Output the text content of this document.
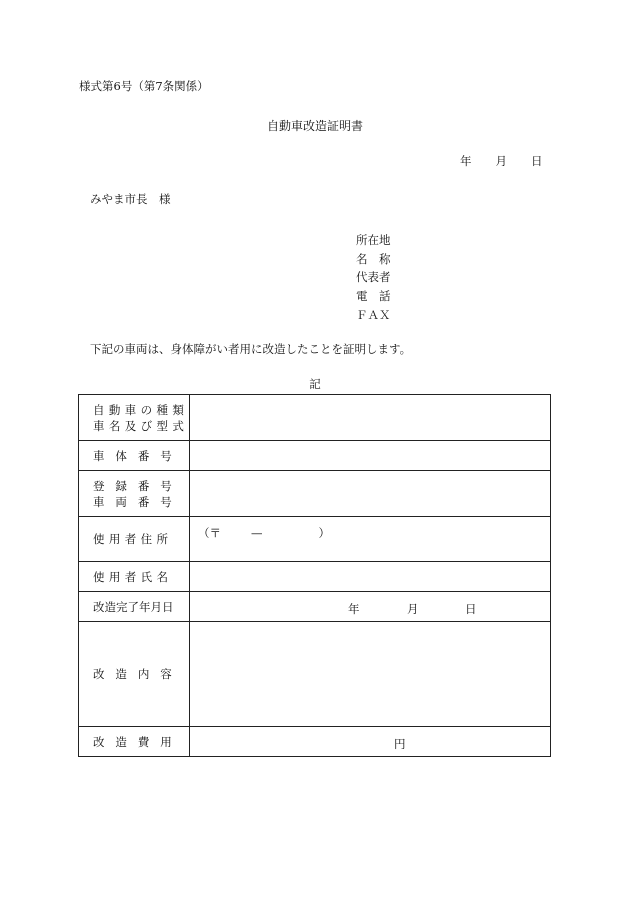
様式第6号（第7条関係）
自動車改造証明書
年 月 日
みやま市長　様
所在地
名　称
代表者
電　話
ＦＡＸ
下記の車両は、身体障がい者用に改造したことを証明します。
記
自動車の種類
車名及び型式	

車体番号	

登録番号
車両番号	

使用者住所	（〒 — ）

使用者氏名	

改造完了年月日	年 月 日

改造内容	

改造費用	円
